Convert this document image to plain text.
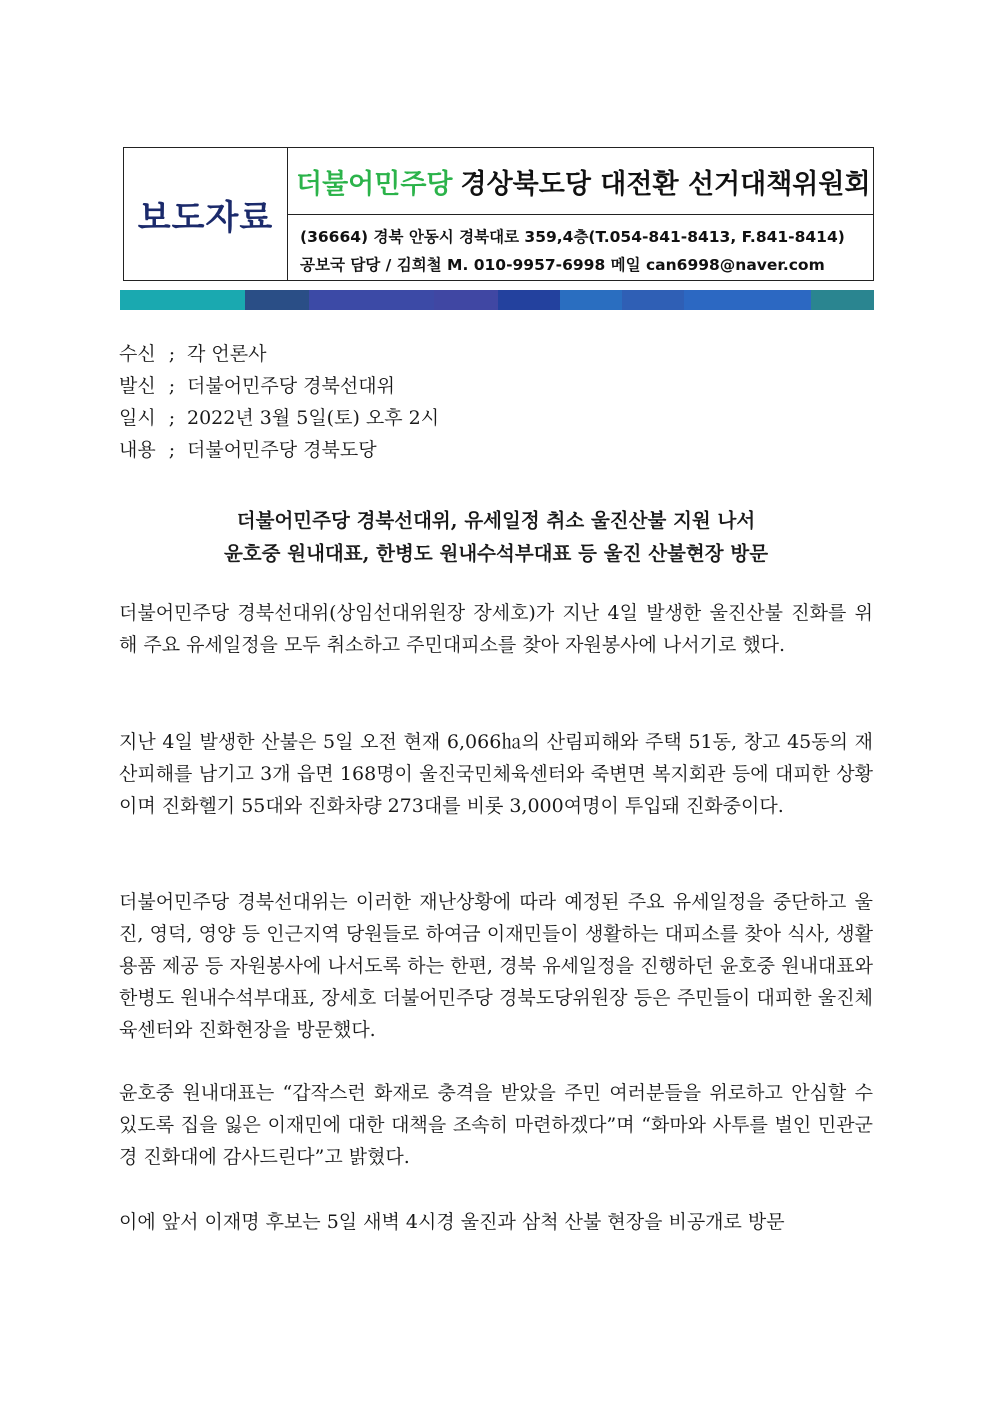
보도자료
더불어민주당 경상북도당 대전환 선거대책위원회
(36664) 경북 안동시 경북대로 359,4층(T.054-841-8413, F.841-8414)
공보국 담당 / 김희철 M. 010-9957-6998 메일 can6998@naver.com
수신 ; 각 언론사
발신 ; 더불어민주당 경북선대위
일시 ; 2022년 3월 5일(토) 오후 2시
내용 ; 더불어민주당 경북도당
더불어민주당 경북선대위, 유세일정 취소 울진산불 지원 나서
윤호중 원내대표, 한병도 원내수석부대표 등 울진 산불현장 방문

더불어민주당 경북선대위(상임선대위원장 장세호)가 지난 4일 발생한 울진산불 진화를 위해 주요 유세일정을 모두 취소하고 주민대피소를 찾아 자원봉사에 나서기로 했다.

지난 4일 발생한 산불은 5일 오전 현재 6,066㏊의 산림피해와 주택 51동, 창고 45동의 재산피해를 남기고 3개 읍면 168명이 울진국민체육센터와 죽변면 복지회관 등에 대피한 상황이며 진화헬기 55대와 진화차량 273대를 비롯 3,000여명이 투입돼 진화중이다.

더불어민주당 경북선대위는 이러한 재난상황에 따라 예정된 주요 유세일정을 중단하고 울진, 영덕, 영양 등 인근지역 당원들로 하여금 이재민들이 생활하는 대피소를 찾아 식사, 생활용품 제공 등 자원봉사에 나서도록 하는 한편, 경북 유세일정을 진행하던 윤호중 원내대표와 한병도 원내수석부대표, 장세호 더불어민주당 경북도당위원장 등은 주민들이 대피한 울진체육센터와 진화현장을 방문했다.

윤호중 원내대표는 “갑작스런 화재로 충격을 받았을 주민 여러분들을 위로하고 안심할 수 있도록 집을 잃은 이재민에 대한 대책을 조속히 마련하겠다”며 “화마와 사투를 벌인 민관군경 진화대에 감사드린다”고 밝혔다.

이에 앞서 이재명 후보는 5일 새벽 4시경 울진과 삼척 산불 현장을 비공개로 방문
